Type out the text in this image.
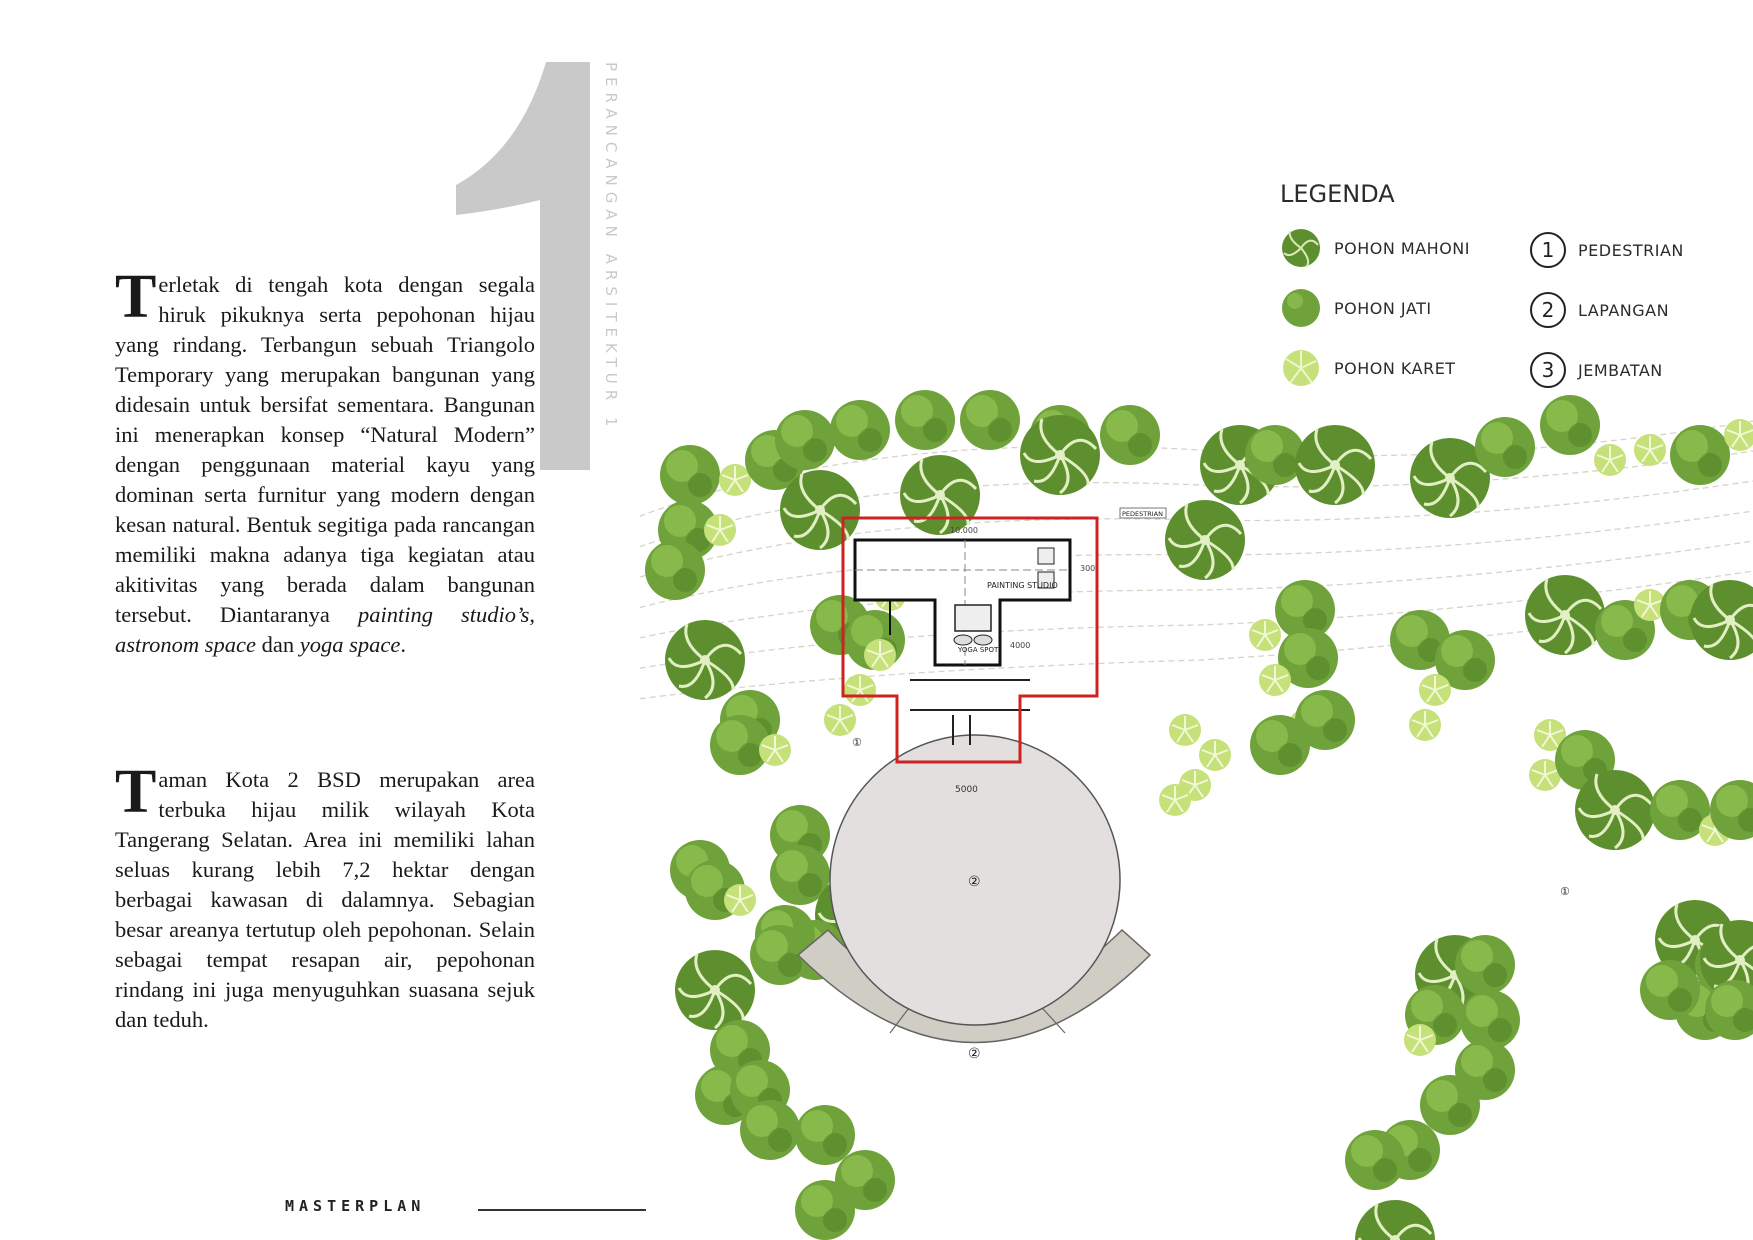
PERANCANGAN ARSITEKTUR 1
Terletak di tengah kota dengan segala hiruk pikuknya serta pepohonan hijau yang rindang. Terbangun sebuah Triangolo Temporary yang merupakan bangunan yang didesain untuk bersifat sementara. Bangunan ini menerapkan konsep “Natural Modern” dengan penggunaan material kayu yang dominan serta furnitur yang modern dengan kesan natural. Bentuk segitiga pada rancangan memiliki makna adanya tiga kegiatan atau akitivitas yang berada dalam bangunan tersebut. Diantaranya painting studio’s, astronom space dan yoga space.
Taman Kota 2 BSD merupakan area terbuka hijau milik wilayah Kota Tangerang Selatan. Area ini memiliki lahan seluas kurang lebih 7,2 hektar dengan berbagai kawasan di dalamnya. Sebagian besar areanya tertutup oleh pepohonan. Selain sebagai tempat resapan air, pepohonan rindang ini juga menyuguhkan suasana sejuk dan teduh.
MASTERPLAN
LEGENDA
POHON MAHONI
POHON JATI
POHON KARET
1	PEDESTRIAN
2	LAPANGAN
3	JEMBATAN
②
②
5000
PAINTING STUDIO
YOGA SPOT
10.000
300
4000
PEDESTRIAN
①
①
